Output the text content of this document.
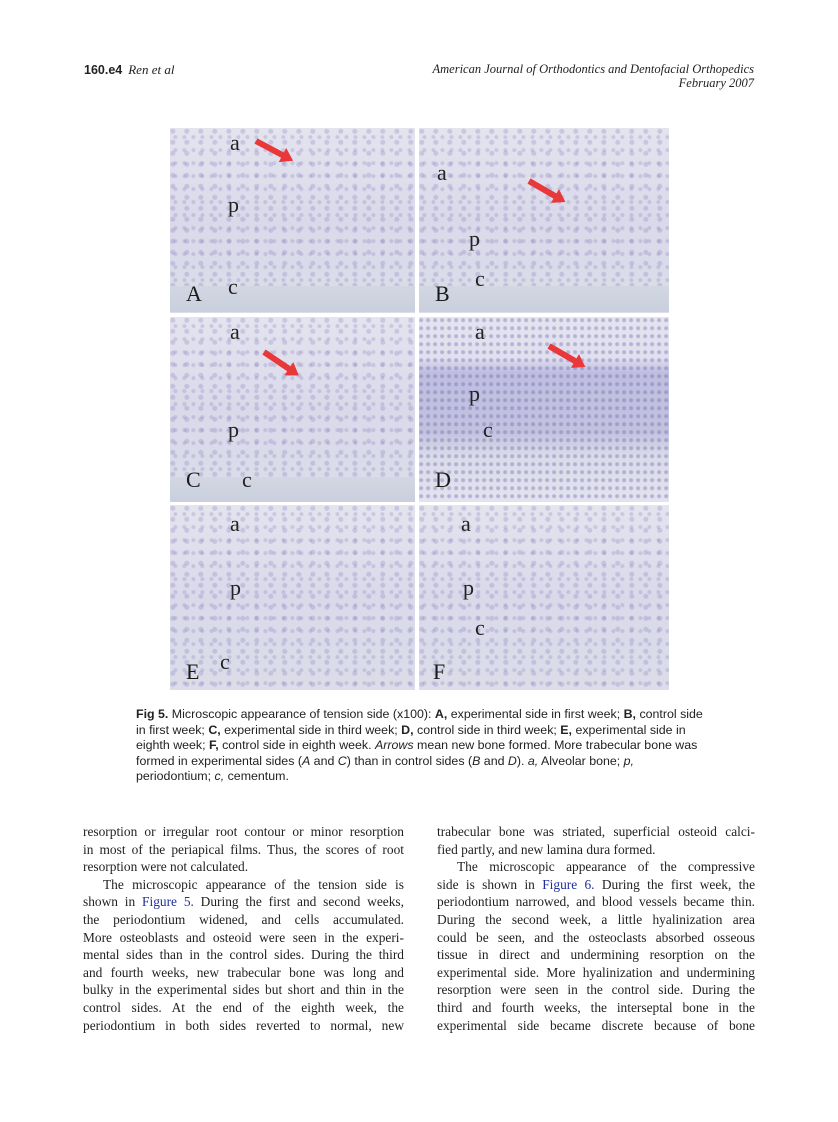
160.e4 Ren et al	American Journal of Orthodontics and Dentofacial Orthopedics
February 2007
a
p
c
A
a
p
c
B
a
p
c
C
a
p
c
D
a
p
c
E
a
p
c
F
Fig 5. Microscopic appearance of tension side (x100): A, experimental side in first week; B, control side in first week; C, experimental side in third week; D, control side in third week; E, experimental side in eighth week; F, control side in eighth week. Arrows mean new bone formed. More trabecular bone was formed in experimental sides (A and C) than in control sides (B and D). a, Alveolar bone; p, periodontium; c, cementum.
resorption or irregular root contour or minor resorption
in most of the periapical films. Thus, the scores of root
resorption were not calculated.
The microscopic appearance of the tension side is
shown in Figure 5. During the first and second weeks,
the periodontium widened, and cells accumulated.
More osteoblasts and osteoid were seen in the experi-
mental sides than in the control sides. During the third
and fourth weeks, new trabecular bone was long and
bulky in the experimental sides but short and thin in the
control sides. At the end of the eighth week, the
periodontium in both sides reverted to normal, new
trabecular bone was striated, superficial osteoid calci-
fied partly, and new lamina dura formed.
The microscopic appearance of the compressive
side is shown in Figure 6. During the first week, the
periodontium narrowed, and blood vessels became thin.
During the second week, a little hyalinization area
could be seen, and the osteoclasts absorbed osseous
tissue in direct and undermining resorption on the
experimental side. More hyalinization and undermining
resorption were seen in the control side. During the
third and fourth weeks, the interseptal bone in the
experimental side became discrete because of bone
